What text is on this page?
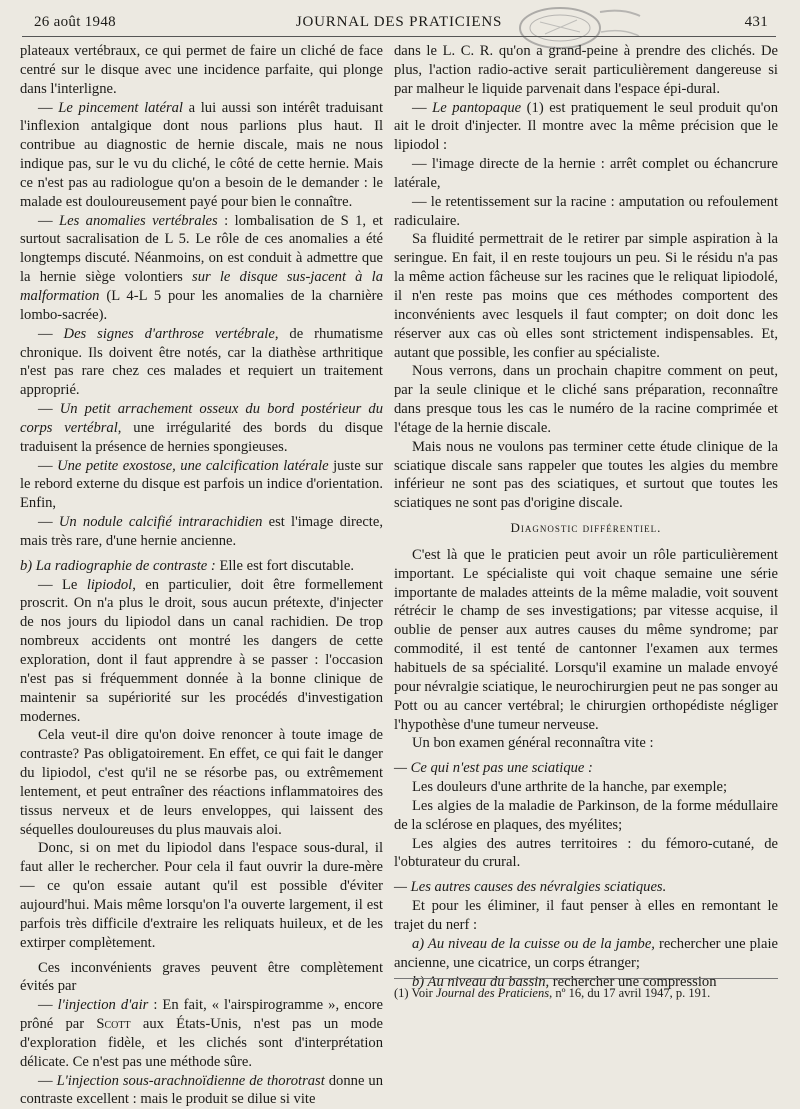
26 août 1948	JOURNAL DES PRATICIENS	431

plateaux vertébraux, ce qui permet de faire un cliché de face centré sur le disque avec une incidence parfaite, qui plonge dans l'interligne.

— Le pincement latéral a lui aussi son intérêt traduisant l'inflexion antalgique dont nous parlions plus haut. Il contribue au diagnostic de hernie discale, mais ne nous indique pas, sur le vu du cliché, le côté de cette hernie. Mais ce n'est pas au radiologue qu'on a besoin de le demander : le malade est douloureusement payé pour bien le connaître.

— Les anomalies vertébrales : lombalisation de S 1, et surtout sacralisation de L 5. Le rôle de ces anomalies a été longtemps discuté. Néanmoins, on est conduit à admettre que la hernie siège volontiers sur le disque sus-jacent à la malformation (L 4-L 5 pour les anomalies de la charnière lombo-sacrée).

— Des signes d'arthrose vertébrale, de rhumatisme chronique. Ils doivent être notés, car la diathèse arthritique n'est pas rare chez ces malades et requiert un traitement approprié.

— Un petit arrachement osseux du bord postérieur du corps vertébral, une irrégularité des bords du disque traduisent la présence de hernies spongieuses.

— Une petite exostose, une calcification latérale juste sur le rebord externe du disque est parfois un indice d'orientation. Enfin,

— Un nodule calcifié intrarachidien est l'image directe, mais très rare, d'une hernie ancienne.

b) La radiographie de contraste : Elle est fort discutable.

— Le lipiodol, en particulier, doit être formellement proscrit. On n'a plus le droit, sous aucun prétexte, d'injecter de nos jours du lipiodol dans un canal rachidien. De trop nombreux accidents ont montré les dangers de cette exploration, dont il faut apprendre à se passer : l'occasion n'est pas si fréquemment donnée à la bonne clinique de maintenir sa supériorité sur les procédés d'investigation modernes.

Cela veut-il dire qu'on doive renoncer à toute image de contraste? Pas obligatoirement. En effet, ce qui fait le danger du lipiodol, c'est qu'il ne se résorbe pas, ou extrêmement lentement, et peut entraîner des réactions inflammatoires des tissus nerveux et de leurs enveloppes, qui laissent des séquelles douloureuses du plus mauvais aloi.

Donc, si on met du lipiodol dans l'espace sous-dural, il faut aller le rechercher. Pour cela il faut ouvrir la dure-mère — ce qu'on essaie autant qu'il est possible d'éviter aujourd'hui. Mais même lorsqu'on l'a ouverte largement, il est parfois très difficile d'extraire les reliquats huileux, et de les extirper complètement.

Ces inconvénients graves peuvent être complètement évités par

— l'injection d'air : En fait, « l'airspirogramme », encore prôné par Scott aux États-Unis, n'est pas un mode d'exploration fidèle, et les clichés sont d'interprétation délicate. Ce n'est pas une méthode sûre.

— L'injection sous-arachnoïdienne de thorotrast donne un contraste excellent : mais le produit se dilue si vite

dans le L. C. R. qu'on a grand-peine à prendre des clichés. De plus, l'action radio-active serait particulièrement dangereuse si par malheur le liquide parvenait dans l'espace épi-dural.

— Le pantopaque (1) est pratiquement le seul produit qu'on ait le droit d'injecter. Il montre avec la même précision que le lipiodol :

— l'image directe de la hernie : arrêt complet ou échancrure latérale,

— le retentissement sur la racine : amputation ou refoulement radiculaire.

Sa fluidité permettrait de le retirer par simple aspiration à la seringue. En fait, il en reste toujours un peu. Si le résidu n'a pas la même action fâcheuse sur les racines que le reliquat lipiodolé, il n'en reste pas moins que ces méthodes comportent des inconvénients avec lesquels il faut compter; on doit donc les réserver aux cas où elles sont strictement indispensables. Et, autant que possible, les confier au spécialiste.

Nous verrons, dans un prochain chapitre comment on peut, par la seule clinique et le cliché sans préparation, reconnaître dans presque tous les cas le numéro de la racine comprimée et l'étage de la hernie discale.

Mais nous ne voulons pas terminer cette étude clinique de la sciatique discale sans rappeler que toutes les algies du membre inférieur ne sont pas des sciatiques, et surtout que toutes les sciatiques ne sont pas d'origine discale.

Diagnostic différentiel.

C'est là que le praticien peut avoir un rôle particulièrement important. Le spécialiste qui voit chaque semaine une série importante de malades atteints de la même maladie, voit souvent rétrécir le champ de ses investigations; par vitesse acquise, il oublie de penser aux autres causes du même syndrome; par commodité, il est tenté de cantonner l'examen aux termes habituels de sa spécialité. Lorsqu'il examine un malade envoyé pour névralgie sciatique, le neurochirurgien peut ne pas songer au Pott ou au cancer vertébral; le chirurgien orthopédiste négliger l'hypothèse d'une tumeur nerveuse.

Un bon examen général reconnaîtra vite :

— Ce qui n'est pas une sciatique :

Les douleurs d'une arthrite de la hanche, par exemple;

Les algies de la maladie de Parkinson, de la forme médullaire de la sclérose en plaques, des myélites;

Les algies des autres territoires : du fémoro-cutané, de l'obturateur du crural.

— Les autres causes des névralgies sciatiques.

Et pour les éliminer, il faut penser à elles en remontant le trajet du nerf :

a) Au niveau de la cuisse ou de la jambe, rechercher une plaie ancienne, une cicatrice, un corps étranger;

b) Au niveau du bassin, rechercher une compression

(1) Voir Journal des Praticiens, nº 16, du 17 avril 1947, p. 191.
